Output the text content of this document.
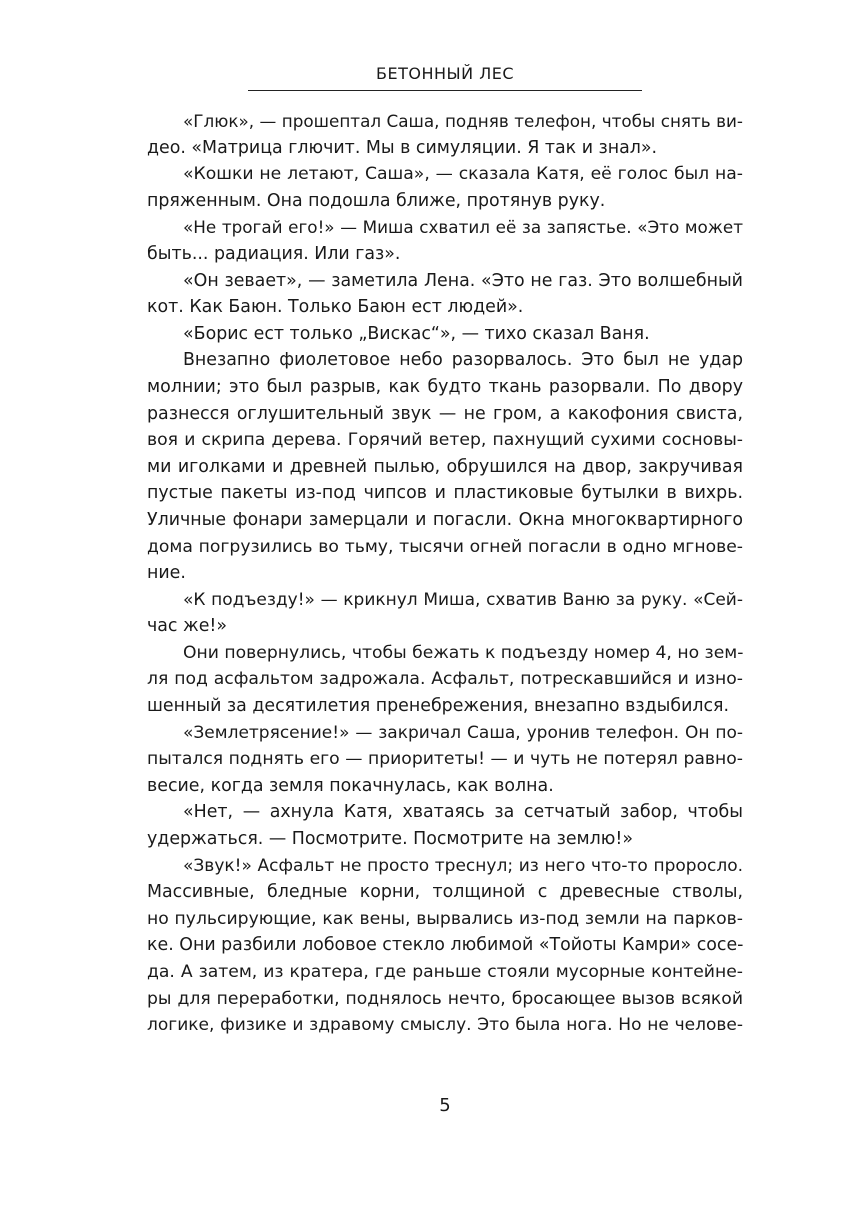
БЕТОННЫЙ ЛЕС
«Глюк», — прошептал Саша, подняв телефон, чтобы снять ви-
део. «Матрица глючит. Мы в симуляции. Я так и знал».
«Кошки не летают, Саша», — сказала Катя, её голос был на-
пряженным. Она подошла ближе, протянув руку.
«Не трогай его!» — Миша схватил её за запястье. «Это может
быть... радиация. Или газ».
«Он зевает», — заметила Лена. «Это не газ. Это волшебный
кот. Как Баюн. Только Баюн ест людей».
«Борис ест только „Вискас“», — тихо сказал Ваня.
Внезапно фиолетовое небо разорвалось. Это был не удар
молнии; это был разрыв, как будто ткань разорвали. По двору
разнесся оглушительный звук — не гром, а какофония свиста,
воя и скрипа дерева. Горячий ветер, пахнущий сухими сосновы-
ми иголками и древней пылью, обрушился на двор, закручивая
пустые пакеты из-под чипсов и пластиковые бутылки в вихрь.
Уличные фонари замерцали и погасли. Окна многоквартирного
дома погрузились во тьму, тысячи огней погасли в одно мгнове-
ние.
«К подъезду!» — крикнул Миша, схватив Ваню за руку. «Сей-
час же!»
Они повернулись, чтобы бежать к подъезду номер 4, но зем-
ля под асфальтом задрожала. Асфальт, потрескавшийся и изно-
шенный за десятилетия пренебрежения, внезапно вздыбился.
«Землетрясение!» — закричал Саша, уронив телефон. Он по-
пытался поднять его — приоритеты! — и чуть не потерял равно-
весие, когда земля покачнулась, как волна.
«Нет, — ахнула Катя, хватаясь за сетчатый забор, чтобы
удержаться. — Посмотрите. Посмотрите на землю!»
«Звук!» Асфальт не просто треснул; из него что-то проросло.
Массивные, бледные корни, толщиной с древесные стволы,
но пульсирующие, как вены, вырвались из-под земли на парков-
ке. Они разбили лобовое стекло любимой «Тойоты Камри» сосе-
да. А затем, из кратера, где раньше стояли мусорные контейне-
ры для переработки, поднялось нечто, бросающее вызов всякой
логике, физике и здравому смыслу. Это была нога. Но не челове-
5
